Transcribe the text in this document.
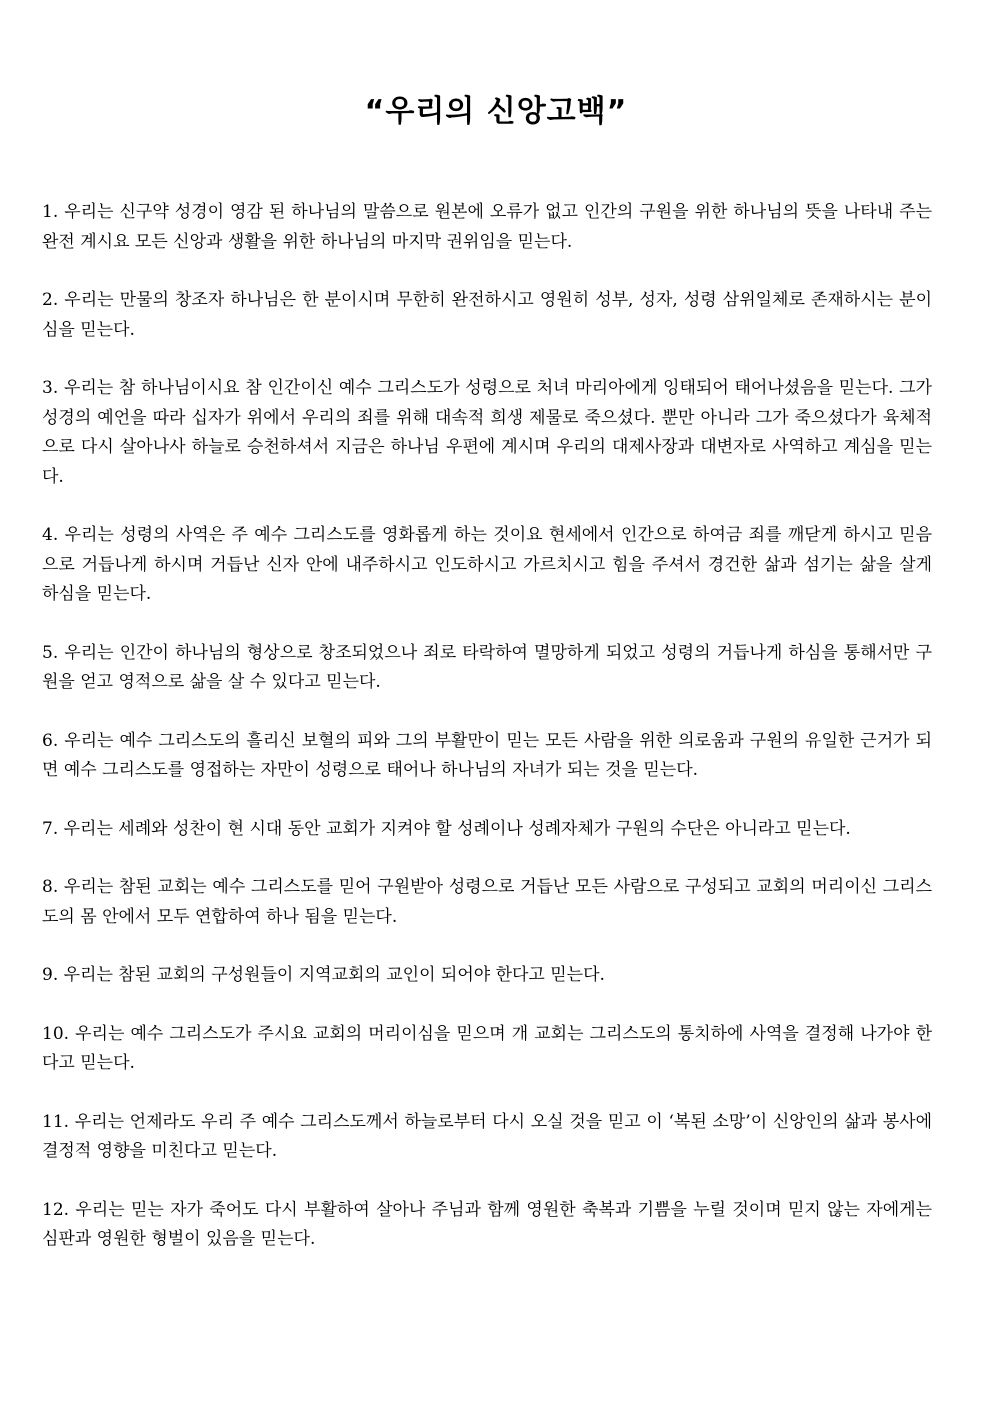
“우리의 신앙고백”
1. 우리는 신구약 성경이 영감 된 하나님의 말씀으로 원본에 오류가 없고 인간의 구원을 위한 하나님의 뜻을 나타내 주는 완전 계시요 모든 신앙과 생활을 위한 하나님의 마지막 권위임을 믿는다.
2. 우리는 만물의 창조자 하나님은 한 분이시며 무한히 완전하시고 영원히 성부, 성자, 성령 삼위일체로 존재하시는 분이심을 믿는다.
3. 우리는 참 하나님이시요 참 인간이신 예수 그리스도가 성령으로 처녀 마리아에게 잉태되어 태어나셨음을 믿는다. 그가 성경의 예언을 따라 십자가 위에서 우리의 죄를 위해 대속적 희생 제물로 죽으셨다. 뿐만 아니라 그가 죽으셨다가 육체적으로 다시 살아나사 하늘로 승천하셔서 지금은 하나님 우편에 계시며 우리의 대제사장과 대변자로 사역하고 계심을 믿는다.
4. 우리는 성령의 사역은 주 예수 그리스도를 영화롭게 하는 것이요 현세에서 인간으로 하여금 죄를 깨닫게 하시고 믿음으로 거듭나게 하시며 거듭난 신자 안에 내주하시고 인도하시고 가르치시고 힘을 주셔서 경건한 삶과 섬기는 삶을 살게 하심을 믿는다.
5. 우리는 인간이 하나님의 형상으로 창조되었으나 죄로 타락하여 멸망하게 되었고 성령의 거듭나게 하심을 통해서만 구원을 얻고 영적으로 삶을 살 수 있다고 믿는다.
6. 우리는 예수 그리스도의 흘리신 보혈의 피와 그의 부활만이 믿는 모든 사람을 위한 의로움과 구원의 유일한 근거가 되면 예수 그리스도를 영접하는 자만이 성령으로 태어나 하나님의 자녀가 되는 것을 믿는다.
7. 우리는 세례와 성찬이 현 시대 동안 교회가 지켜야 할 성례이나 성례자체가 구원의 수단은 아니라고 믿는다.
8. 우리는 참된 교회는 예수 그리스도를 믿어 구원받아 성령으로 거듭난 모든 사람으로 구성되고 교회의 머리이신 그리스도의 몸 안에서 모두 연합하여 하나 됨을 믿는다.
9. 우리는 참된 교회의 구성원들이 지역교회의 교인이 되어야 한다고 믿는다.
10. 우리는 예수 그리스도가 주시요 교회의 머리이심을 믿으며 개 교회는 그리스도의 통치하에 사역을 결정해 나가야 한다고 믿는다.
11. 우리는 언제라도 우리 주 예수 그리스도께서 하늘로부터 다시 오실 것을 믿고 이 ‘복된 소망’이 신앙인의 삶과 봉사에 결정적 영향을 미친다고 믿는다.
12. 우리는 믿는 자가 죽어도 다시 부활하여 살아나 주님과 함께 영원한 축복과 기쁨을 누릴 것이며 믿지 않는 자에게는 심판과 영원한 형벌이 있음을 믿는다.
